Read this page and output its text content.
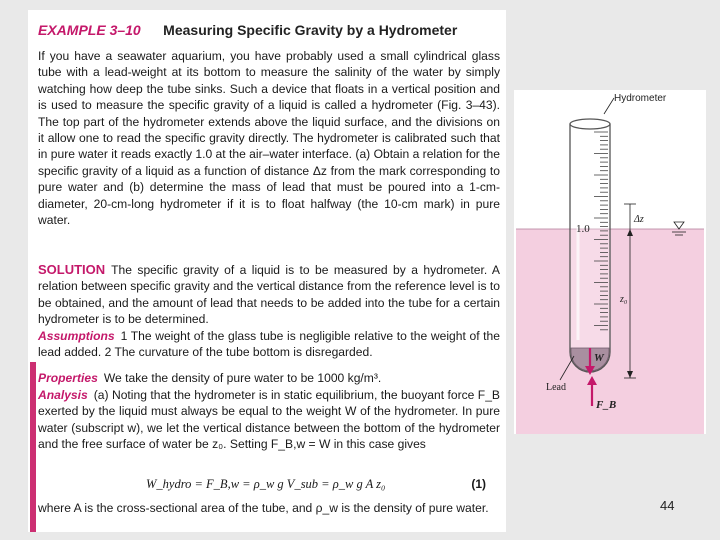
EXAMPLE 3–10 Measuring Specific Gravity by a Hydrometer
If you have a seawater aquarium, you have probably used a small cylindrical glass tube with a lead-weight at its bottom to measure the salinity of the water by simply watching how deep the tube sinks. Such a device that floats in a vertical position and is used to measure the specific gravity of a liquid is called a hydrometer (Fig. 3–43). The top part of the hydrometer extends above the liquid surface, and the divisions on it allow one to read the specific gravity directly. The hydrometer is calibrated such that in pure water it reads exactly 1.0 at the air–water interface. (a) Obtain a relation for the specific gravity of a liquid as a function of distance Δz from the mark corresponding to pure water and (b) determine the mass of lead that must be poured into a 1-cm-diameter, 20-cm-long hydrometer if it is to float halfway (the 10-cm mark) in pure water.
SOLUTION The specific gravity of a liquid is to be measured by a hydrometer. A relation between specific gravity and the vertical distance from the reference level is to be obtained, and the amount of lead that needs to be added into the tube for a certain hydrometer is to be determined.
Assumptions 1 The weight of the glass tube is negligible relative to the weight of the lead added. 2 The curvature of the tube bottom is disregarded.
Properties We take the density of pure water to be 1000 kg/m³.
Analysis (a) Noting that the hydrometer is in static equilibrium, the buoyant force F_B exerted by the liquid must always be equal to the weight W of the hydrometer. In pure water (subscript w), we let the vertical distance between the bottom of the hydrometer and the free surface of water be z₀. Setting F_B,w = W in this case gives
W_hydro = F_B,w = ρ_w g V_sub = ρ_w g A z₀	(1)
where A is the cross-sectional area of the tube, and ρ_w is the density of pure water.
1.0
Hydrometer
Δz
z₀
W
F_B
Lead
44
